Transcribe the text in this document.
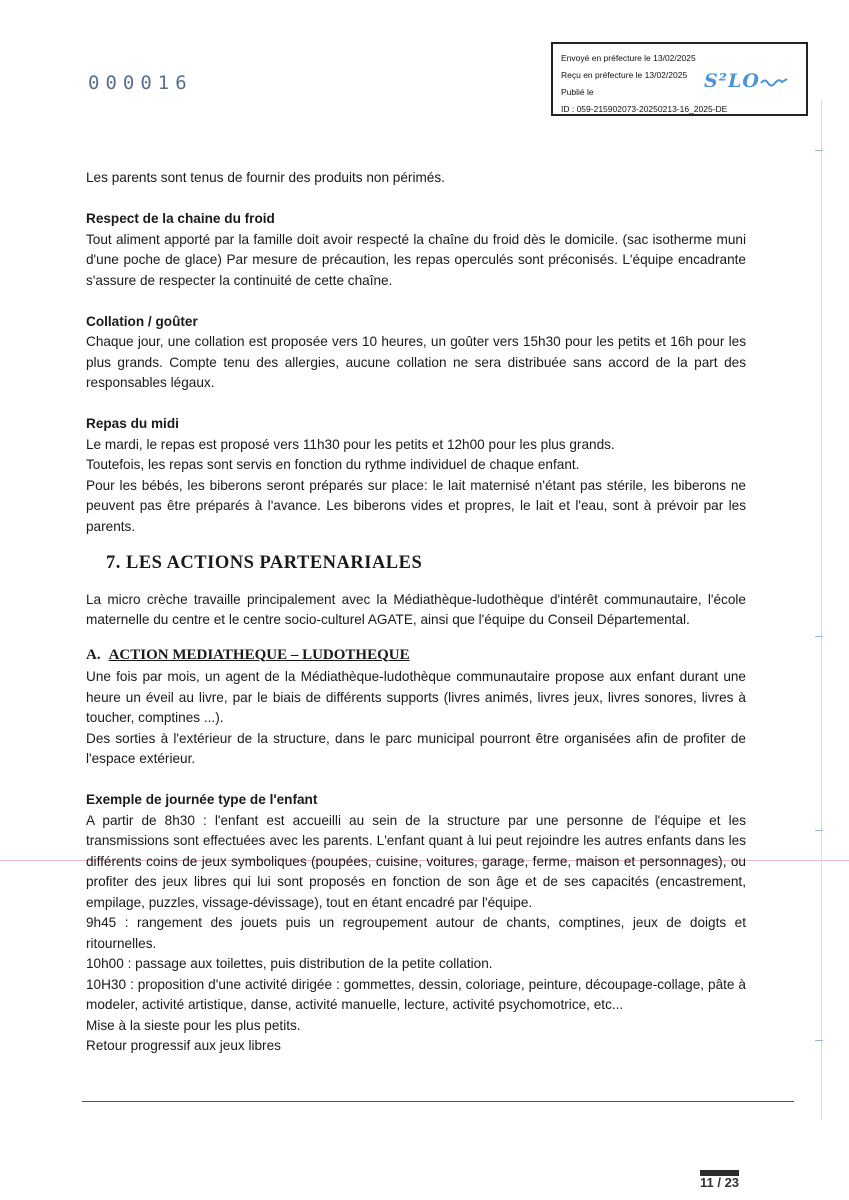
000016
Envoyé en préfecture le 13/02/2025
Reçu en préfecture le 13/02/2025
Publié le
ID : 059-215902073-20250213-16_2025-DE
S²LO

Les parents sont tenus de fournir des produits non périmés.

Respect de la chaine du froid

Tout aliment apporté par la famille doit avoir respecté la chaîne du froid dès le domicile. (sac isotherme muni d'une poche de glace) Par mesure de précaution, les repas operculés sont préconisés. L'équipe encadrante s'assure de respecter la continuité de cette chaîne.

Collation / goûter

Chaque jour, une collation est proposée vers 10 heures, un goûter vers 15h30 pour les petits et 16h pour les plus grands. Compte tenu des allergies, aucune collation ne sera distribuée sans accord de la part des responsables légaux.

Repas du midi

Le mardi, le repas est proposé vers 11h30 pour les petits et 12h00 pour les plus grands.

Toutefois, les repas sont servis en fonction du rythme individuel de chaque enfant.

Pour les bébés, les biberons seront préparés sur place: le lait maternisé n'étant pas stérile, les biberons ne peuvent pas être préparés à l'avance. Les biberons vides et propres, le lait et l'eau, sont à prévoir par les parents.

7. LES ACTIONS PARTENARIALES

La micro crèche travaille principalement avec la Médiathèque-ludothèque d'intérêt communautaire, l'école maternelle du centre et le centre socio-culturel AGATE, ainsi que l'équipe du Conseil Départemental.

A. ACTION MEDIATHEQUE – LUDOTHEQUE

Une fois par mois, un agent de la Médiathèque-ludothèque communautaire propose aux enfant durant une heure un éveil au livre, par le biais de différents supports (livres animés, livres jeux, livres sonores, livres à toucher, comptines ...).

Des sorties à l'extérieur de la structure, dans le parc municipal pourront être organisées afin de profiter de l'espace extérieur.

Exemple de journée type de l'enfant

A partir de 8h30 : l'enfant est accueilli au sein de la structure par une personne de l'équipe et les transmissions sont effectuées avec les parents. L'enfant quant à lui peut rejoindre les autres enfants dans les différents coins de jeux symboliques (poupées, cuisine, voitures, garage, ferme, maison et personnages), ou profiter des jeux libres qui lui sont proposés en fonction de son âge et de ses capacités (encastrement, empilage, puzzles, vissage-dévissage), tout en étant encadré par l'équipe.

9h45 : rangement des jouets puis un regroupement autour de chants, comptines, jeux de doigts et ritournelles.

10h00 : passage aux toilettes, puis distribution de la petite collation.

10H30 : proposition d'une activité dirigée : gommettes, dessin, coloriage, peinture, découpage-collage, pâte à modeler, activité artistique, danse, activité manuelle, lecture, activité psychomotrice, etc...

Mise à la sieste pour les plus petits.

Retour progressif aux jeux libres

11 / 23
